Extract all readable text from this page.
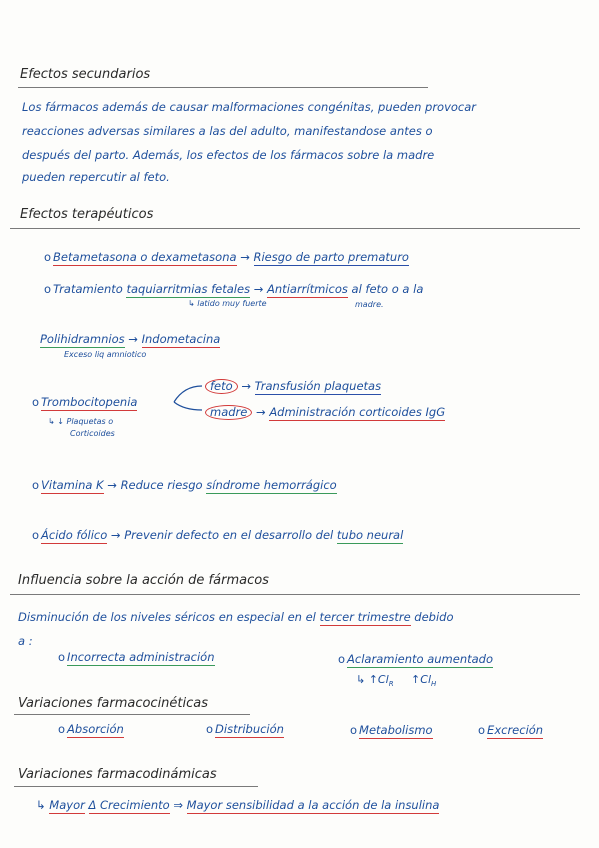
Efectos secundarios
Los fármacos además de causar malformaciones congénitas, pueden provocar
reacciones adversas similares a las del adulto, manifestandose antes o
después del parto. Además, los efectos de los fármacos sobre la madre
pueden repercutir al feto.
Efectos terapéuticos
o Betametasona o dexametasona → Riesgo de parto prematuro
o Tratamiento taquiarritmias fetales → Antiarrítmicos al feto o a la
↳ latido muy fuerte	madre.
Polihidramnios → Indometacina
Exceso liq amniotico
o Trombocitopenia
↳ ↓ Plaquetas o
Corticoides
feto → Transfusión plaquetas
madre → Administración corticoides IgG
o Vitamina K → Reduce riesgo síndrome hemorrágico
o Ácido fólico → Prevenir defecto en el desarrollo del tubo neural
Influencia sobre la acción de fármacos
Disminución de los niveles séricos en especial en el tercer trimestre debido
a :
o Incorrecta administración	o Aclaramiento aumentado
↳ $↑Cl_R$ $↑Cl_H$
Variaciones farmacocinéticas
o Absorción	o Distribución	o Metabolismo	o Excreción
Variaciones farmacodinámicas
↳ Mayor Δ Crecimiento ⇒ Mayor sensibilidad a la acción de la insulina
